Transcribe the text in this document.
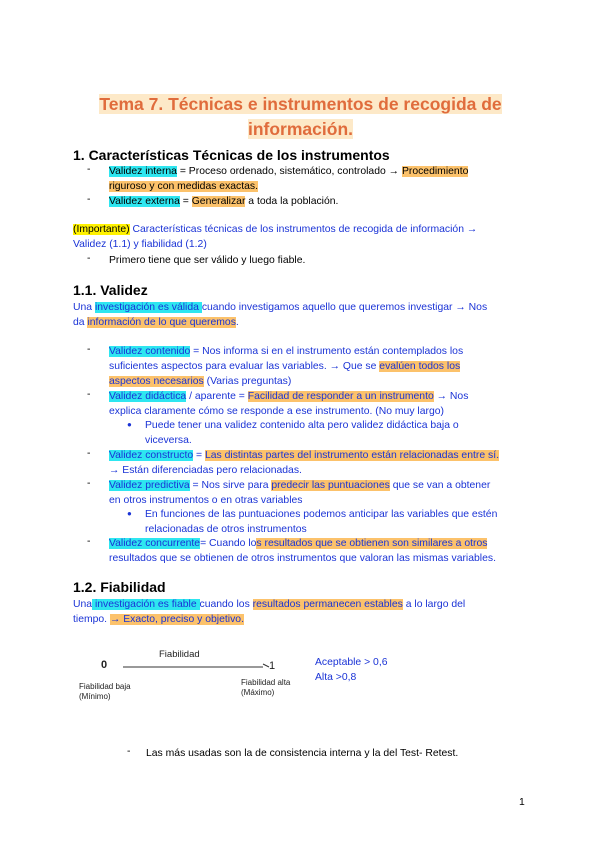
Tema 7. Técnicas e instrumentos de recogida de
información.
1. Características Técnicas de los instrumentos
- Validez interna = Proceso ordenado, sistemático, controlado → Procedimiento
riguroso y con medidas exactas.
- Validez externa = Generalizar a toda la población.
(Importante) Características técnicas de los instrumentos de recogida de información →
Validez (1.1) y fiabilidad (1.2)
- Primero tiene que ser válido y luego fiable.
1.1. Validez
Una investigación es válida cuando investigamos aquello que queremos investigar → Nos
da información de lo que queremos.
- Validez contenido = Nos informa si en el instrumento están contemplados los
suficientes aspectos para evaluar las variables. → Que se evalúen todos los
aspectos necesarios (Varias preguntas)
- Validez didáctica / aparente = Facilidad de responder a un instrumento → Nos
explica claramente cómo se responde a ese instrumento. (No muy largo)
● Puede tener una validez contenido alta pero validez didáctica baja o
viceversa.
- Validez constructo = Las distintas partes del instrumento están relacionadas entre sí.
→ Están diferenciadas pero relacionadas.
- Validez predictiva = Nos sirve para predecir las puntuaciones que se van a obtener
en otros instrumentos o en otras variables
● En funciones de las puntuaciones podemos anticipar las variables que estén
relacionadas de otros instrumentos
- Validez concurrente= Cuando los resultados que se obtienen son similares a otros
resultados que se obtienen de otros instrumentos que valoran las mismas variables.
1.2. Fiabilidad
Una investigación es fiable cuando los resultados permanecen estables a lo largo del
tiempo. → Exacto, preciso y objetivo.
Fiabilidad
0	1
Fiabilidad baja
(Mínimo)
Fiabilidad alta
(Máximo)
Aceptable > 0,6
Alta >0,8
- Las más usadas son la de consistencia interna y la del Test- Retest.
1
